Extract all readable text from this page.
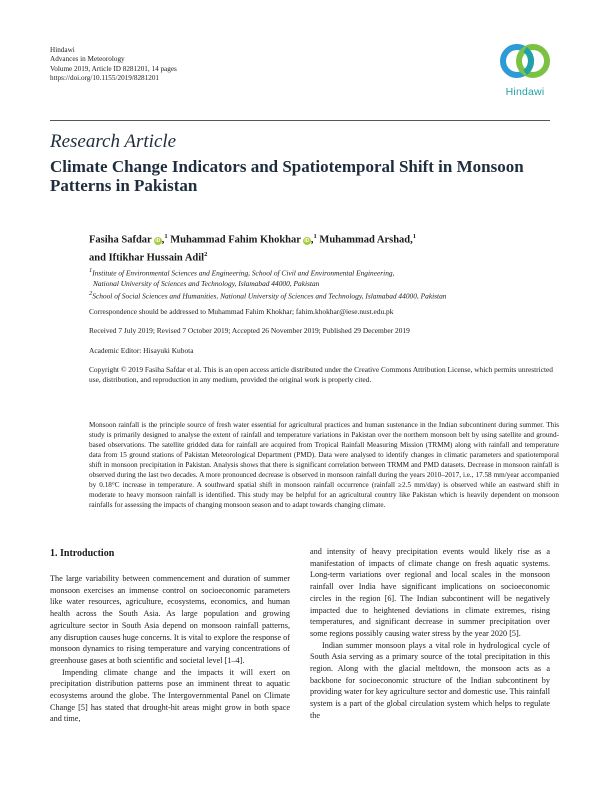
Hindawi
Advances in Meteorology
Volume 2019, Article ID 8281201, 14 pages
https://doi.org/10.1155/2019/8281201
Hindawi
Research Article
Climate Change Indicators and Spatiotemporal Shift in Monsoon Patterns in Pakistan
Fasiha Safdar iD ,$^1$ Muhammad Fahim Khokhar iD ,$^1$ Muhammad Arshad,$^1$
and Iftikhar Hussain Adil$^2$
$^1$Institute of Environmental Sciences and Engineering, School of Civil and Environmental Engineering,
National University of Sciences and Technology, Islamabad 44000, Pakistan
$^2$School of Social Sciences and Humanities, National University of Sciences and Technology, Islamabad 44000, Pakistan
Correspondence should be addressed to Muhammad Fahim Khokhar; fahim.khokhar@iese.nust.edu.pk
Received 7 July 2019; Revised 7 October 2019; Accepted 26 November 2019; Published 29 December 2019
Academic Editor: Hisayuki Kubota
Copyright © 2019 Fasiha Safdar et al. This is an open access article distributed under the Creative Commons Attribution License, which permits unrestricted use, distribution, and reproduction in any medium, provided the original work is properly cited.
Monsoon rainfall is the principle source of fresh water essential for agricultural practices and human sustenance in the Indian subcontinent during summer. This study is primarily designed to analyse the extent of rainfall and temperature variations in Pakistan over the northern monsoon belt by using satellite and ground-based observations. The satellite gridded data for rainfall are acquired from Tropical Rainfall Measuring Mission (TRMM) along with rainfall and temperature data from 15 ground stations of Pakistan Meteorological Department (PMD). Data were analysed to identify changes in climatic parameters and spatiotemporal shift in monsoon precipitation in Pakistan. Analysis shows that there is significant correlation between TRMM and PMD datasets. Decrease in monsoon rainfall is observed during the last two decades. A more pronounced decrease is observed in monsoon rainfall during the years 2010–2017, i.e., 17.58 mm/year accompanied by 0.18°C increase in temperature. A southward spatial shift in monsoon rainfall occurrence (rainfall ≥2.5 mm/day) is observed while an eastward shift in moderate to heavy monsoon rainfall is identified. This study may be helpful for an agricultural country like Pakistan which is heavily dependent on monsoon rainfalls for assessing the impacts of changing monsoon season and to adapt towards changing climate.
1. Introduction

The large variability between commencement and duration of summer monsoon exercises an immense control on socioeconomic parameters like water resources, agriculture, ecosystems, economics, and human health across the South Asia. As large population and growing agriculture sector in South Asia depend on monsoon rainfall patterns, any disruption causes huge concerns. It is vital to explore the response of monsoon dynamics to rising temperature and varying concentrations of greenhouse gases at both scientific and societal level [1–4].

Impending climate change and the impacts it will exert on precipitation distribution patterns pose an imminent threat to aquatic ecosystems around the globe. The Intergovernmental Panel on Climate Change [5] has stated that drought-hit areas might grow in both space and time,

and intensity of heavy precipitation events would likely rise as a manifestation of impacts of climate change on fresh aquatic systems. Long-term variations over regional and local scales in the monsoon rainfall over India have significant implications on socioeconomic circles in the region [6]. The Indian subcontinent will be negatively impacted due to heightened deviations in climate extremes, rising temperatures, and significant decrease in summer precipitation over some regions possibly causing water stress by the year 2020 [5].

Indian summer monsoon plays a vital role in hydrological cycle of South Asia serving as a primary source of the total precipitation in this region. Along with the glacial meltdown, the monsoon acts as a backbone for socioeconomic structure of the Indian subcontinent by providing water for key agriculture sector and domestic use. This rainfall system is a part of the global circulation system which helps to regulate the
